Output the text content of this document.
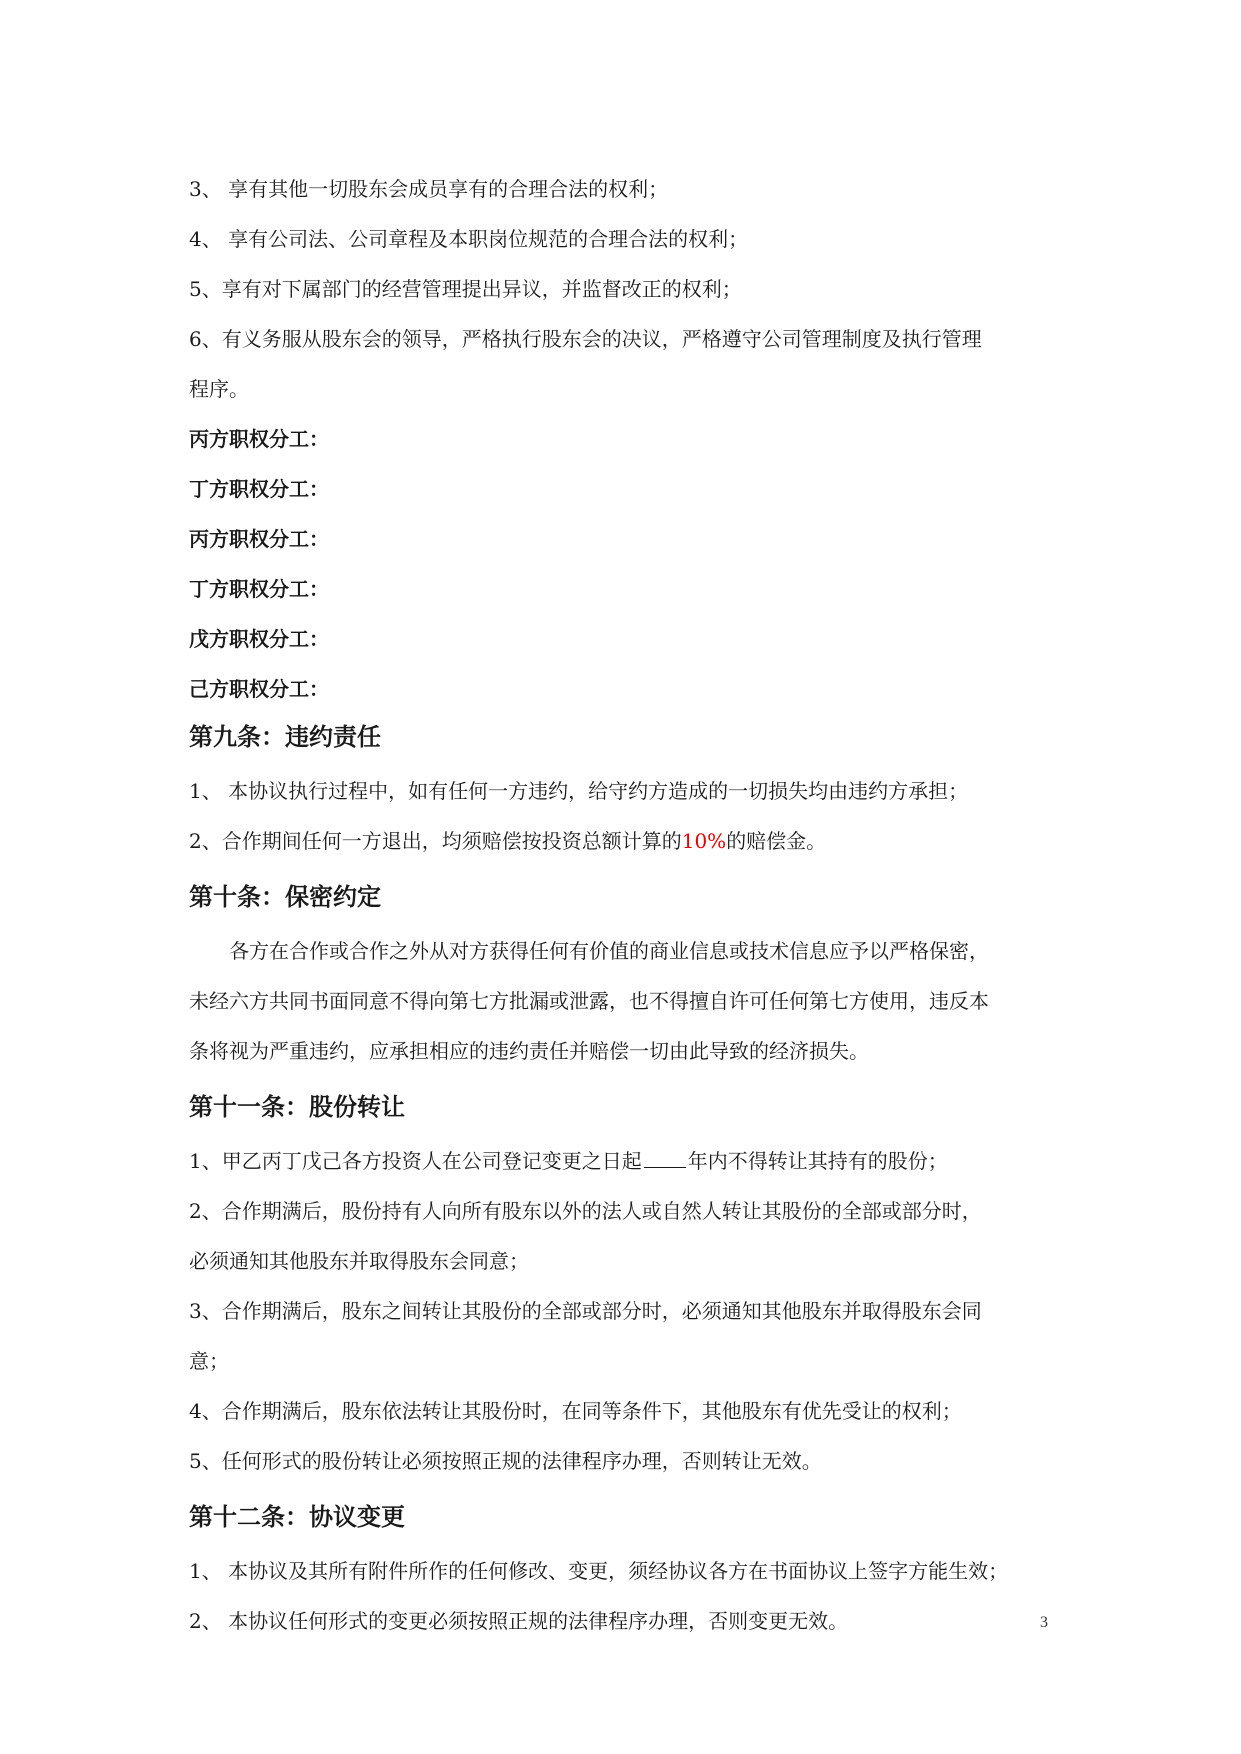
3、 享有其他一切股东会成员享有的合理合法的权利；

4、 享有公司法、公司章程及本职岗位规范的合理合法的权利；

5、享有对下属部门的经营管理提出异议，并监督改正的权利；

6、有义务服从股东会的领导，严格执行股东会的决议，严格遵守公司管理制度及执行管理

程序。

丙方职权分工：

丁方职权分工：

丙方职权分工：

丁方职权分工：

戊方职权分工：

己方职权分工：

第九条：违约责任

1、 本协议执行过程中，如有任何一方违约，给守约方造成的一切损失均由违约方承担；

2、合作期间任何一方退出，均须赔偿按投资总额计算的10%的赔偿金。

第十条：保密约定

各方在合作或合作之外从对方获得任何有价值的商业信息或技术信息应予以严格保密，

未经六方共同书面同意不得向第七方批漏或泄露，也不得擅自许可任何第七方使用，违反本

条将视为严重违约，应承担相应的违约责任并赔偿一切由此导致的经济损失。

第十一条：股份转让

1、甲乙丙丁戊己各方投资人在公司登记变更之日起 年内不得转让其持有的股份；

2、合作期满后，股份持有人向所有股东以外的法人或自然人转让其股份的全部或部分时，

必须通知其他股东并取得股东会同意；

3、合作期满后，股东之间转让其股份的全部或部分时，必须通知其他股东并取得股东会同

意；

4、合作期满后，股东依法转让其股份时，在同等条件下，其他股东有优先受让的权利；

5、任何形式的股份转让必须按照正规的法律程序办理，否则转让无效。

第十二条：协议变更

1、 本协议及其所有附件所作的任何修改、变更，须经协议各方在书面协议上签字方能生效；

2、 本协议任何形式的变更必须按照正规的法律程序办理，否则变更无效。	3
